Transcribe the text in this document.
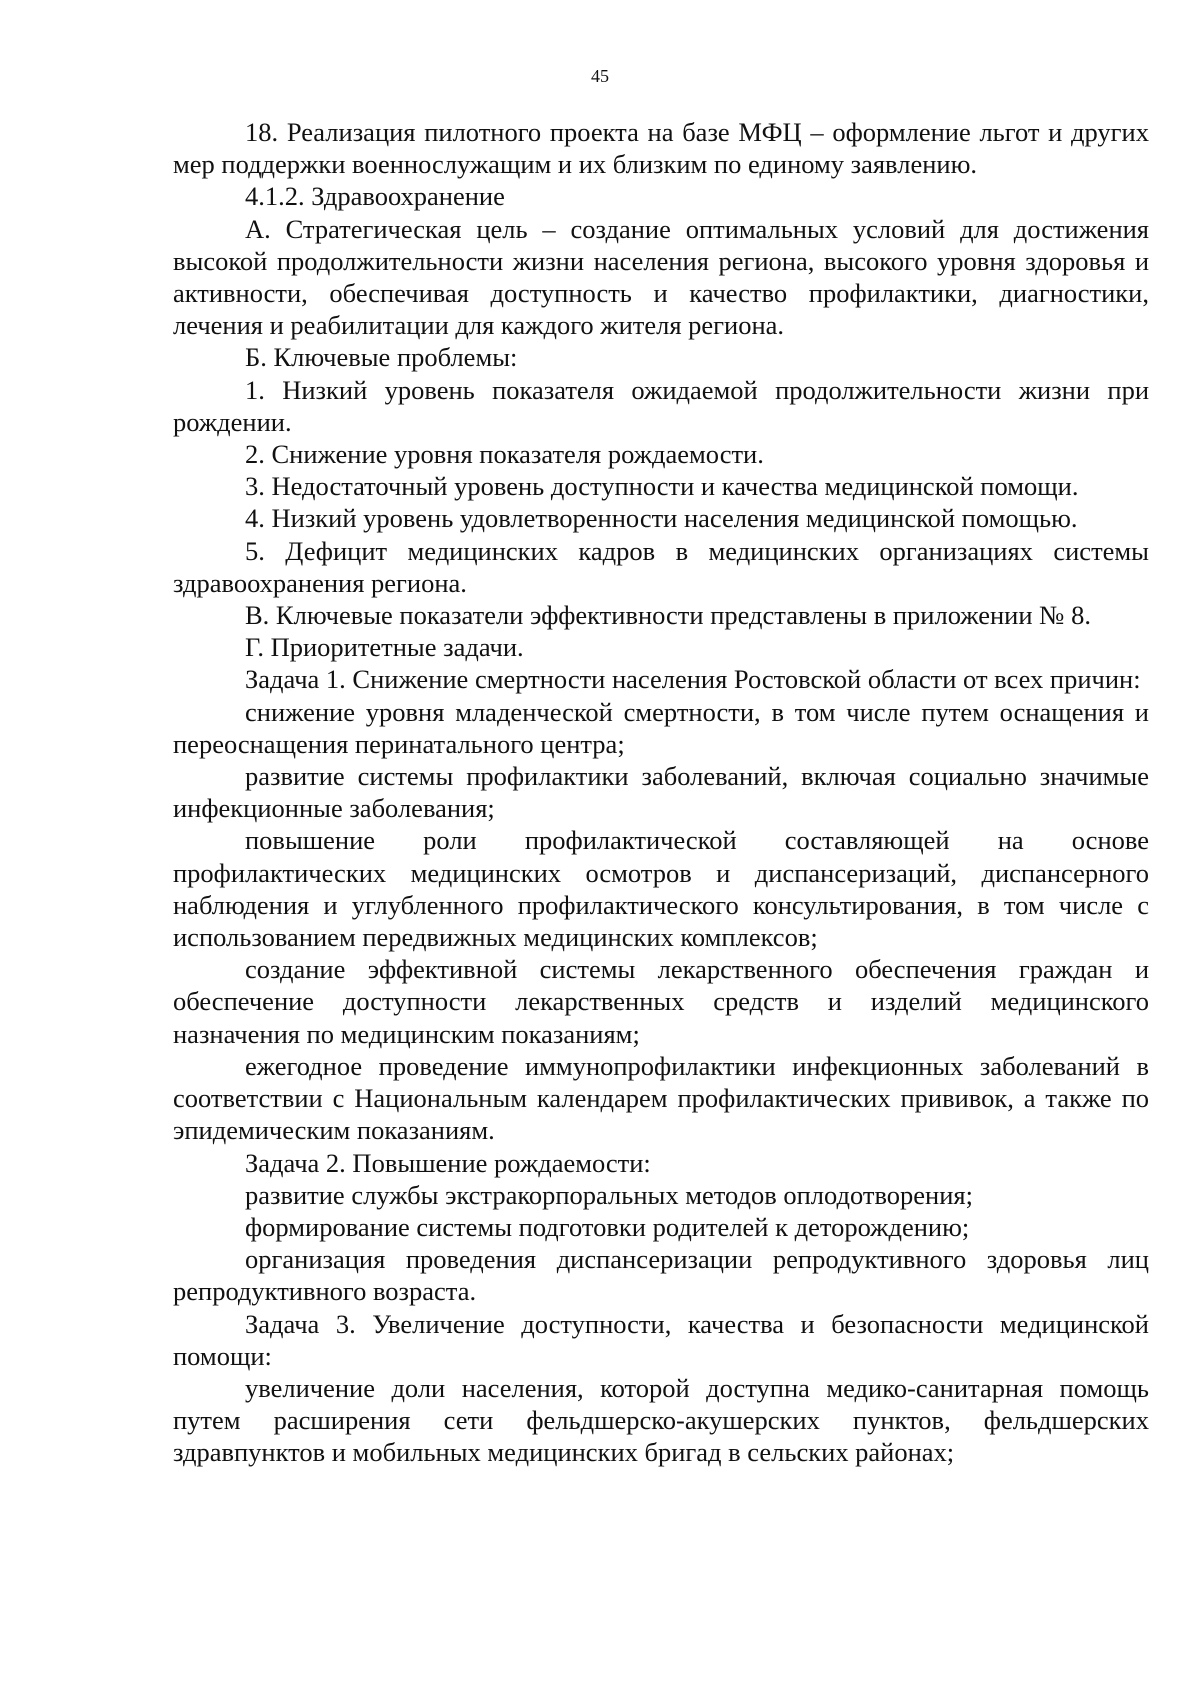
45

18. Реализация пилотного проекта на базе МФЦ – оформление льгот и других мер поддержки военнослужащим и их близким по единому заявлению.

4.1.2. Здравоохранение

А. Стратегическая цель – создание оптимальных условий для достижения высокой продолжительности жизни населения региона, высокого уровня здоровья и активности, обеспечивая доступность и качество профилактики, диагностики, лечения и реабилитации для каждого жителя региона.

Б. Ключевые проблемы:

1. Низкий уровень показателя ожидаемой продолжительности жизни при рождении.

2. Снижение уровня показателя рождаемости.

3. Недостаточный уровень доступности и качества медицинской помощи.

4. Низкий уровень удовлетворенности населения медицинской помощью.

5. Дефицит медицинских кадров в медицинских организациях системы здравоохранения региона.

В. Ключевые показатели эффективности представлены в приложении № 8.

Г. Приоритетные задачи.

Задача 1. Снижение смертности населения Ростовской области от всех причин:

снижение уровня младенческой смертности, в том числе путем оснащения и переоснащения перинатального центра;

развитие системы профилактики заболеваний, включая социально значимые инфекционные заболевания;

повышение роли профилактической составляющей на основе профилактических медицинских осмотров и диспансеризаций, диспансерного наблюдения и углубленного профилактического консультирования, в том числе с использованием передвижных медицинских комплексов;

создание эффективной системы лекарственного обеспечения граждан и обеспечение доступности лекарственных средств и изделий медицинского назначения по медицинским показаниям;

ежегодное проведение иммунопрофилактики инфекционных заболеваний в соответствии с Национальным календарем профилактических прививок, а также по эпидемическим показаниям.

Задача 2. Повышение рождаемости:

развитие службы экстракорпоральных методов оплодотворения;

формирование системы подготовки родителей к деторождению;

организация проведения диспансеризации репродуктивного здоровья лиц репродуктивного возраста.

Задача 3. Увеличение доступности, качества и безопасности медицинской помощи:

увеличение доли населения, которой доступна медико-санитарная помощь путем расширения сети фельдшерско-акушерских пунктов, фельдшерских здравпунктов и мобильных медицинских бригад в сельских районах;
